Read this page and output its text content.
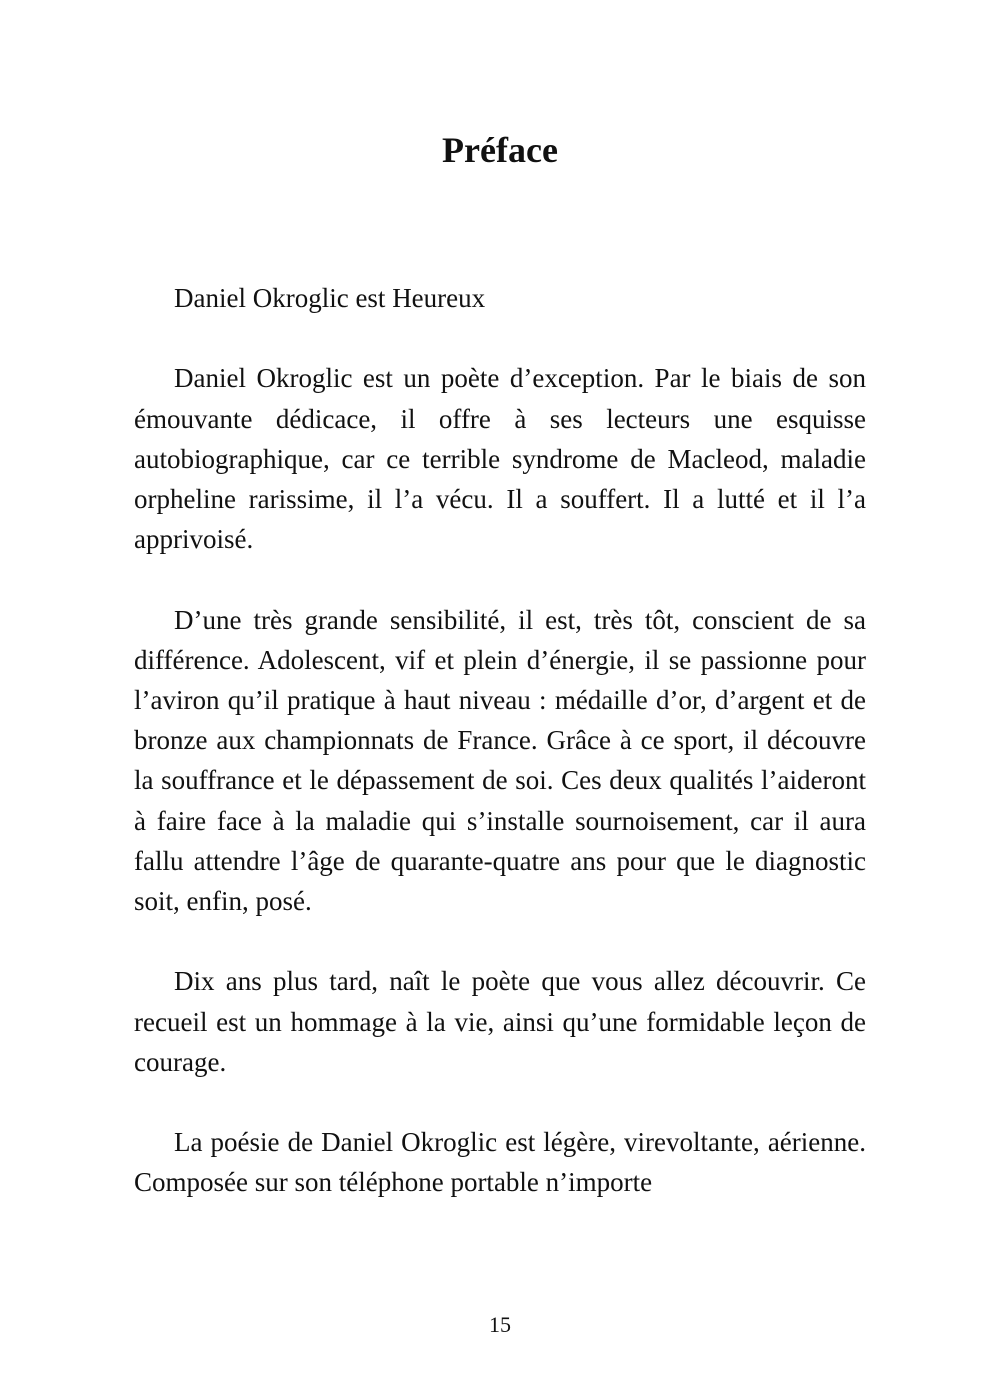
Préface

Daniel Okroglic est Heureux

Daniel Okroglic est un poète d’exception. Par le biais de son émouvante dédicace, il offre à ses lecteurs une esquisse autobiographique, car ce terrible syndrome de Macleod, maladie orpheline rarissime, il l’a vécu. Il a souffert. Il a lutté et il l’a apprivoisé.

D’une très grande sensibilité, il est, très tôt, conscient de sa différence. Adolescent, vif et plein d’énergie, il se passionne pour l’aviron qu’il pratique à haut niveau : médaille d’or, d’argent et de bronze aux championnats de France. Grâce à ce sport, il découvre la souffrance et le dépassement de soi. Ces deux qualités l’aideront à faire face à la maladie qui s’installe sournoisement, car il aura fallu attendre l’âge de quarante-quatre ans pour que le diagnostic soit, enfin, posé.

Dix ans plus tard, naît le poète que vous allez découvrir. Ce recueil est un hommage à la vie, ainsi qu’une formidable leçon de courage.

La poésie de Daniel Okroglic est légère, virevoltante, aérienne. Composée sur son téléphone portable n’importe

15
